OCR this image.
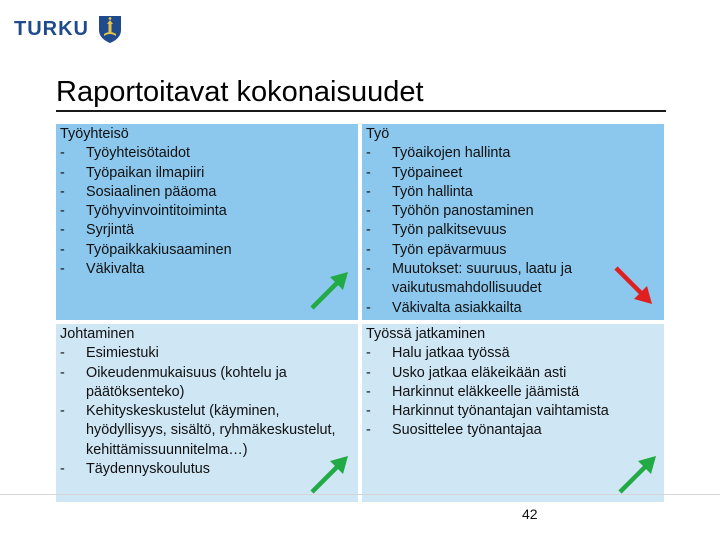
TURKU
Raportoitavat kokonaisuudet
Työyhteisö
- Työyhteisötaidot
- Työpaikan ilmapiiri
- Sosiaalinen pääoma
- Työhyvinvointitoiminta
- Syrjintä
- Työpaikkakiusaaminen
- Väkivalta
Työ
- Työaikojen hallinta
- Työpaineet
- Työn hallinta
- Työhön panostaminen
- Työn palkitsevuus
- Työn epävarmuus
- Muutokset: suuruus, laatu ja vaikutusmahdollisuudet
- Väkivalta asiakkailta
Johtaminen
- Esimiestuki
- Oikeudenmukaisuus (kohtelu ja päätöksenteko)
- Kehityskeskustelut (käyminen, hyödyllisyys, sisältö, ryhmäkeskustelut, kehittämissuunnitelma…)
- Täydennyskoulutus
Työssä jatkaminen
- Halu jatkaa työssä
- Usko jatkaa eläkeikään asti
- Harkinnut eläkkeelle jäämistä
- Harkinnut työnantajan vaihtamista
- Suosittelee työnantajaa
42
